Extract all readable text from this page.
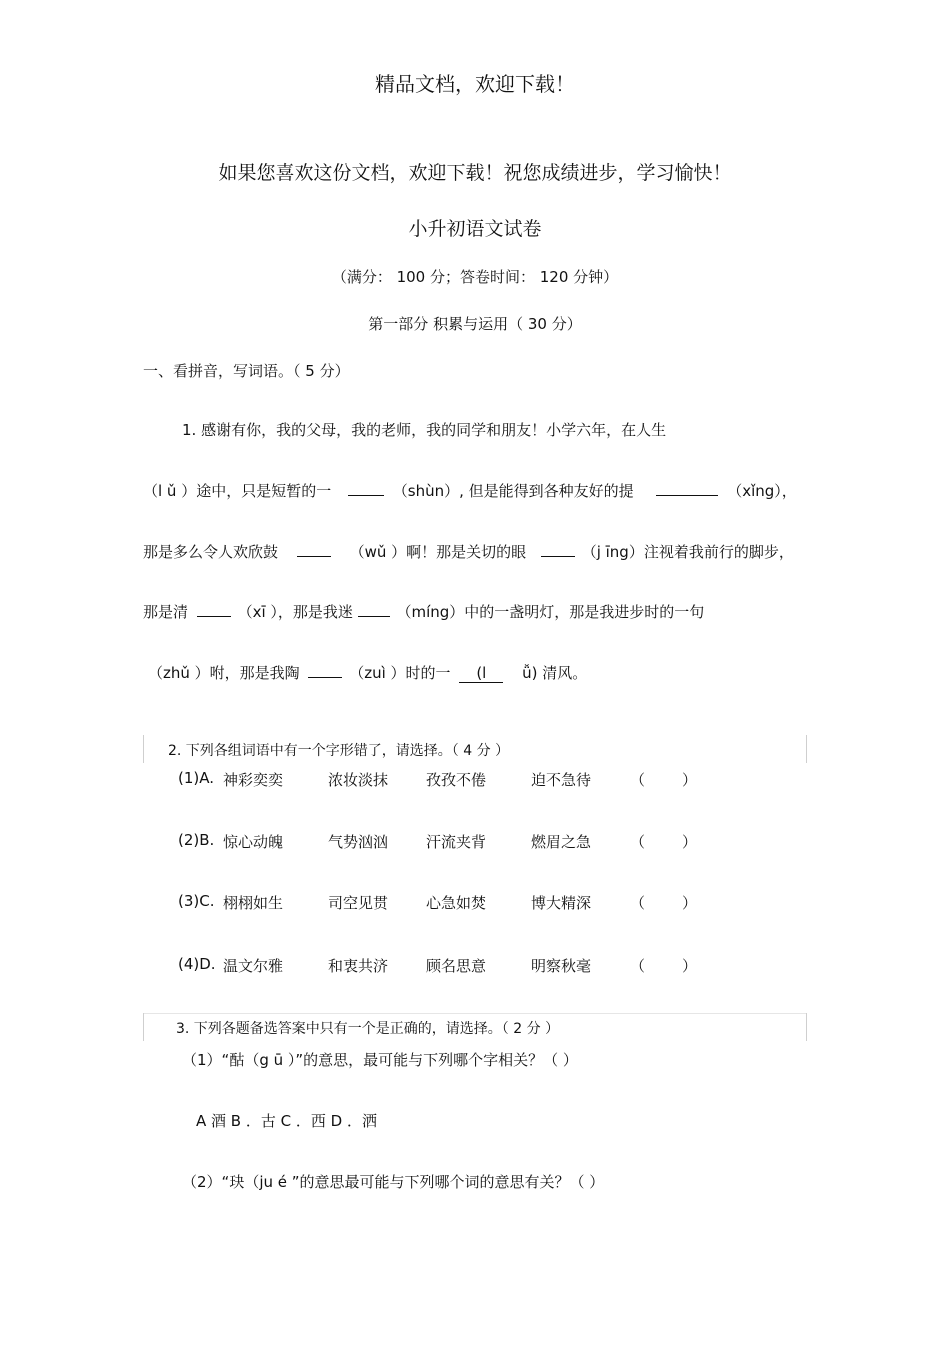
精品文档，欢迎下载！
如果您喜欢这份文档，欢迎下载！祝您成绩进步，学习愉快！
小升初语文试卷
（满分： 100 分；答卷时间： 120 分钟）
第一部分 积累与运用（ 30 分）
一、看拼音，写词语。（ 5 分）
1. 感谢有你，我的父母，我的老师，我的同学和朋友！小学六年，在人生
（l ǔ ）途中，只是短暂的一	（shùn）, 但是能得到各种友好的提	（xǐng），
那是多么令人欢欣鼓	（wǔ ）啊！那是关切的眼	（j īng）注视着我前行的脚步，
那是清	（xī ），那是我迷	（míng）中的一盏明灯，那是我进步时的一句
（zhǔ ）咐，那是我陶	（zuì ）时的一 (l ǚ) 清风。
2. 下列各组词语中有一个字形错了，请选择。（ 4 分 ）
(1)A. 神彩奕奕	浓妆淡抹	孜孜不倦	迫不急待	（ ）
(2)B. 惊心动魄	气势汹汹	汗流夹背	燃眉之急	（ ）
(3)C. 栩栩如生	司空见贯	心急如焚	博大精深	（ ）
(4)D. 温文尔雅	和衷共济	顾名思意	明察秋毫	（ ）
3. 下列各题备选答案中只有一个是正确的，请选择。（ 2 分 ）
（1）“酤（g ū ）”的意思，最可能与下列哪个字相关？（ ）
A 酒 B ．古 C ．西 D ．洒
（2）“玦（ju é ”的意思最可能与下列哪个词的意思有关？（ ）
